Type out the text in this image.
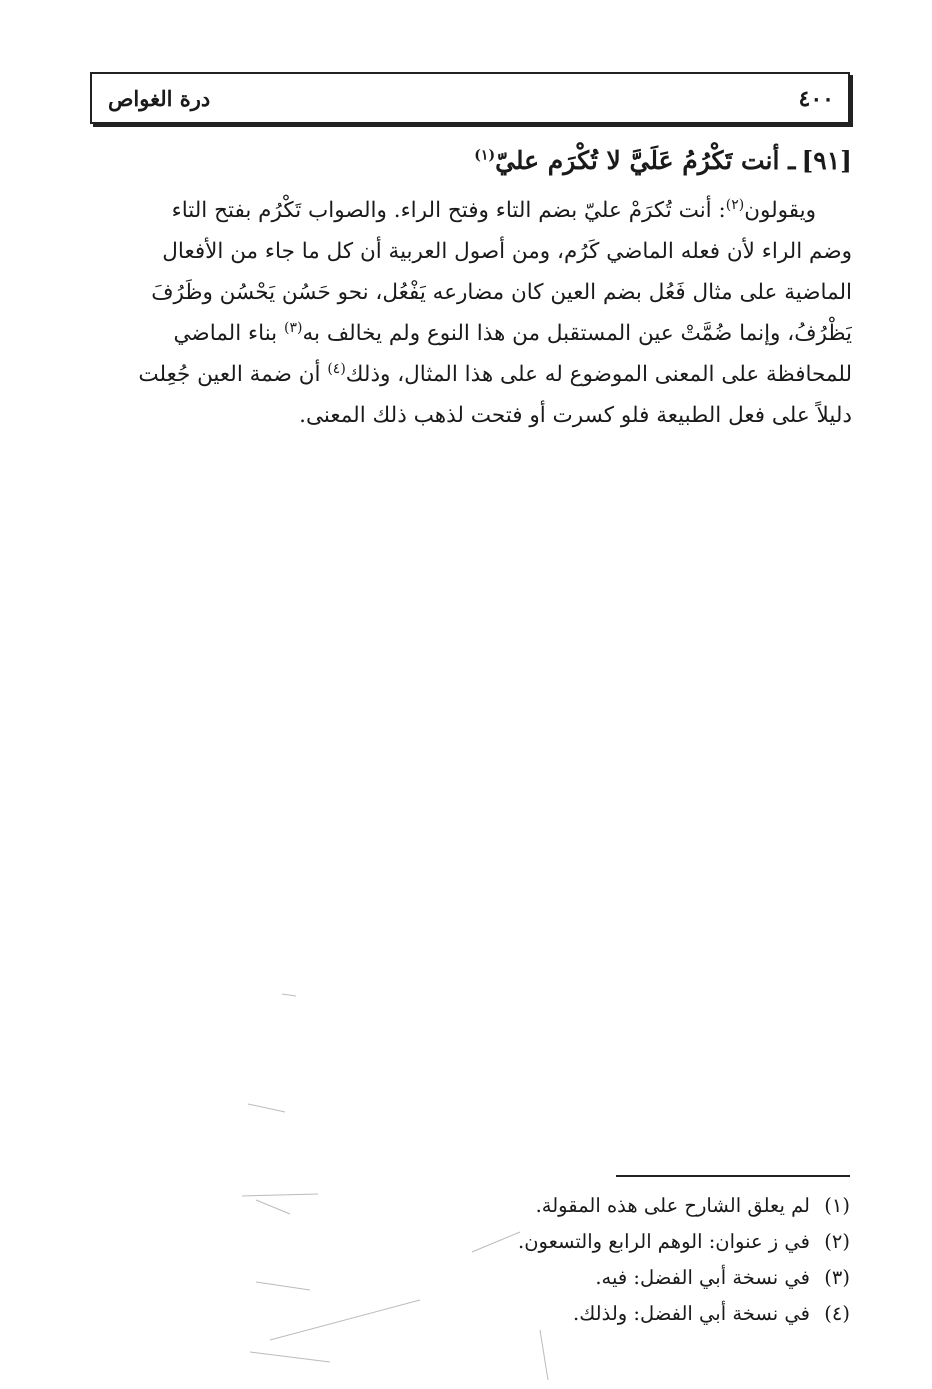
٤٠٠
درة الغواص
[٩١]ـ أنت تَكْرُمُ عَلَيَّ لا تُكْرَم عليّ$^{(١)}$
ويقولون$^{(٢)}$: أنت تُكرَمْ عليّ بضم التاء وفتح الراء. والصواب تَكْرُم بفتح التاء
وضم الراء لأن فعله الماضي كَرُم، ومن أصول العربية أن كل ما جاء من الأفعال
الماضية على مثال فَعُل بضم العين كان مضارعه يَفْعُل، نحو حَسُن يَحْسُن وظَرُفَ
يَظْرُفُ، وإنما ضُمَّتْ عين المستقبل من هذا النوع ولم يخالف به$^{(٣)}$ بناء الماضي
للمحافظة على المعنى الموضوع له على هذا المثال، وذلك$^{(٤)}$ أن ضمة العين جُعِلت
دليلاً على فعل الطبيعة فلو كسرت أو فتحت لذهب ذلك المعنى.
(١)لم يعلق الشارح على هذه المقولة.
(٢)في ز عنوان: الوهم الرابع والتسعون.
(٣)في نسخة أبي الفضل: فيه.
(٤)في نسخة أبي الفضل: ولذلك.
